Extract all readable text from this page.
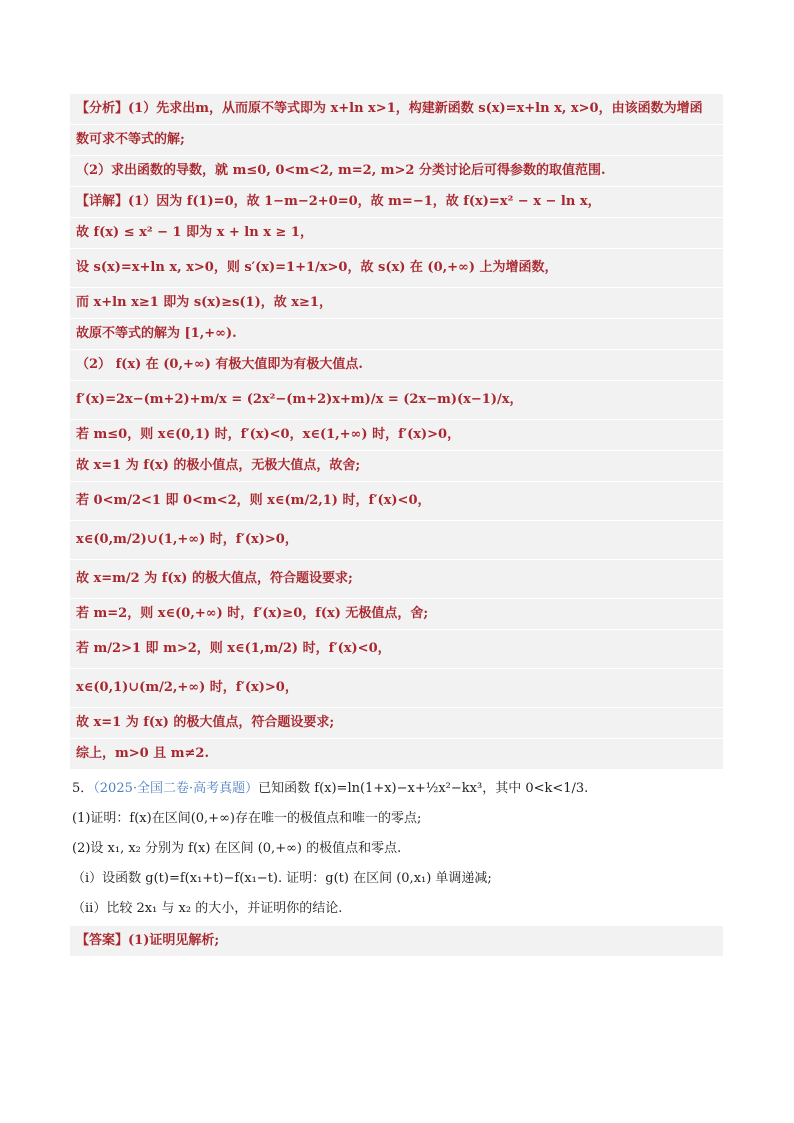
【分析】(1）先求出m，从而原不等式即为 x+ln x>1，构建新函数 s(x)=x+ln x, x>0，由该函数为增函
数可求不等式的解;
（2）求出函数的导数，就 m≤0, 0<m<2, m=2, m>2 分类讨论后可得参数的取值范围.
【详解】(1）因为 f(1)=0，故 1−m−2+0=0，故 m=−1，故 f(x)=x² − x − ln x，
故 f(x) ≤ x² − 1 即为 x + ln x ≥ 1，
设 s(x)=x+ln x, x>0，则 s′(x)=1+1/x>0，故 s(x) 在 (0,+∞) 上为增函数，
而 x+ln x≥1 即为 s(x)≥s(1)，故 x≥1，
故原不等式的解为 [1,+∞).
（2） f(x) 在 (0,+∞) 有极大值即为有极大值点.
f′(x)=2x−(m+2)+m/x = (2x²−(m+2)x+m)/x = (2x−m)(x−1)/x，
若 m≤0，则 x∈(0,1) 时，f′(x)<0，x∈(1,+∞) 时，f′(x)>0，
故 x=1 为 f(x) 的极小值点，无极大值点，故舍;
若 0<m/2<1 即 0<m<2，则 x∈(m/2,1) 时，f′(x)<0，
x∈(0,m/2)∪(1,+∞) 时，f′(x)>0，
故 x=m/2 为 f(x) 的极大值点，符合题设要求;
若 m=2，则 x∈(0,+∞) 时，f′(x)≥0，f(x) 无极值点，舍;
若 m/2>1 即 m>2，则 x∈(1,m/2) 时，f′(x)<0，
x∈(0,1)∪(m/2,+∞) 时，f′(x)>0，
故 x=1 为 f(x) 的极大值点，符合题设要求;
综上，m>0 且 m≠2.
5．（2025·全国二卷·高考真题）已知函数 f(x)=ln(1+x)−x+½x²−kx³，其中 0<k<1/3.
(1)证明：f(x)在区间(0,+∞)存在唯一的极值点和唯一的零点;
(2)设 x₁, x₂ 分别为 f(x) 在区间 (0,+∞) 的极值点和零点.
（i）设函数 g(t)=f(x₁+t)−f(x₁−t). 证明：g(t) 在区间 (0,x₁) 单调递减;
（ii）比较 2x₁ 与 x₂ 的大小，并证明你的结论.
【答案】(1)证明见解析;
